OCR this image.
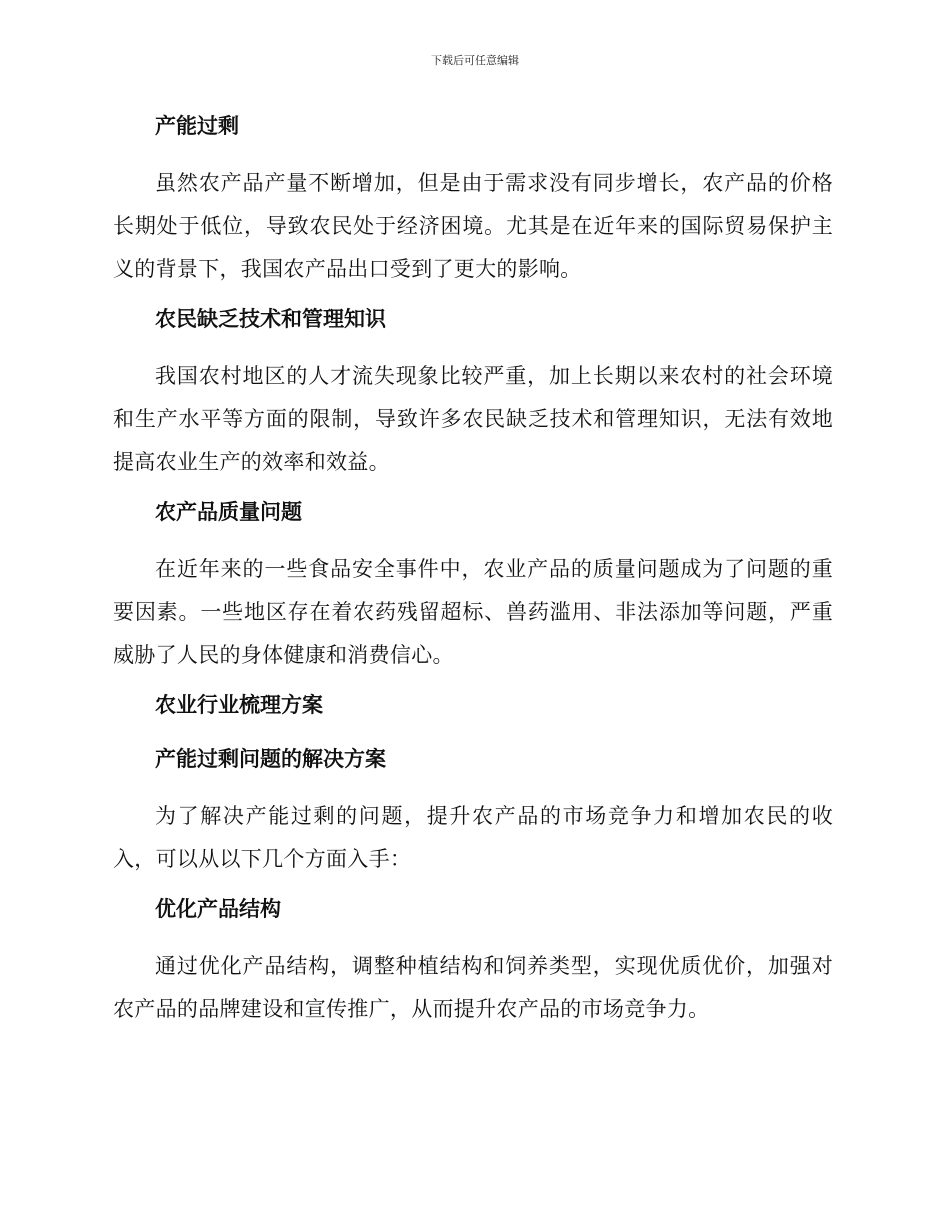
下载后可任意编辑
产能过剩
虽然农产品产量不断增加，但是由于需求没有同步增长，农产品的价格长期处于低位，导致农民处于经济困境。尤其是在近年来的国际贸易保护主义的背景下，我国农产品出口受到了更大的影响。
农民缺乏技术和管理知识
我国农村地区的人才流失现象比较严重，加上长期以来农村的社会环境和生产水平等方面的限制，导致许多农民缺乏技术和管理知识，无法有效地提高农业生产的效率和效益。
农产品质量问题
在近年来的一些食品安全事件中，农业产品的质量问题成为了问题的重要因素。一些地区存在着农药残留超标、兽药滥用、非法添加等问题，严重威胁了人民的身体健康和消费信心。
农业行业梳理方案
产能过剩问题的解决方案
为了解决产能过剩的问题，提升农产品的市场竞争力和增加农民的收入，可以从以下几个方面入手：
优化产品结构
通过优化产品结构，调整种植结构和饲养类型，实现优质优价，加强对农产品的品牌建设和宣传推广，从而提升农产品的市场竞争力。
